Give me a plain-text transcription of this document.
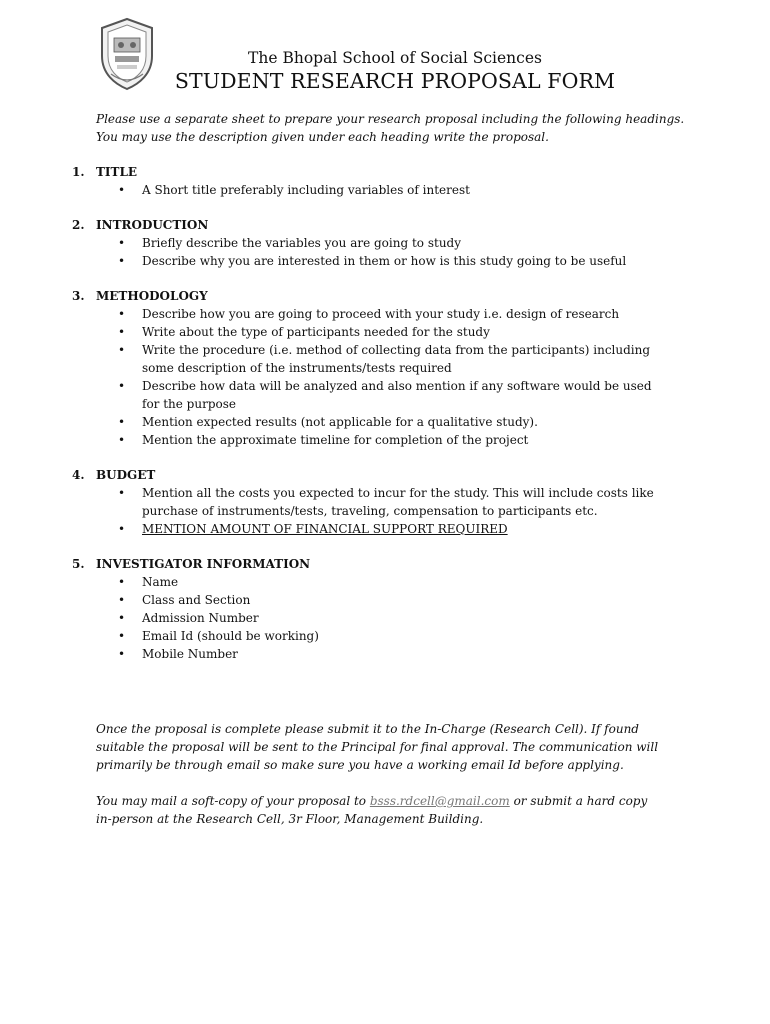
The Bhopal School of Social Sciences
STUDENT RESEARCH PROPOSAL FORM
Please use a separate sheet to prepare your research proposal including the following headings.
You may use the description given under each heading write the proposal.
1. TITLE
• A Short title preferably including variables of interest
2. INTRODUCTION
• Briefly describe the variables you are going to study
• Describe why you are interested in them or how is this study going to be useful
3. METHODOLOGY
• Describe how you are going to proceed with your study i.e. design of research
• Write about the type of participants needed for the study
• Write the procedure (i.e. method of collecting data from the participants) including some description of the instruments/tests required
• Describe how data will be analyzed and also mention if any software would be used for the purpose
• Mention expected results (not applicable for a qualitative study).
• Mention the approximate timeline for completion of the project
4. BUDGET
• Mention all the costs you expected to incur for the study. This will include costs like purchase of instruments/tests, traveling, compensation to participants etc.
• MENTION AMOUNT OF FINANCIAL SUPPORT REQUIRED
5. INVESTIGATOR INFORMATION
• Name
• Class and Section
• Admission Number
• Email Id (should be working)
• Mobile Number

Once the proposal is complete please submit it to the In-Charge (Research Cell). If found suitable the proposal will be sent to the Principal for final approval. The communication will primarily be through email so make sure you have a working email Id before applying.

You may mail a soft-copy of your proposal to bsss.rdcell@gmail.com or submit a hard copy in-person at the Research Cell, 3r Floor, Management Building.
